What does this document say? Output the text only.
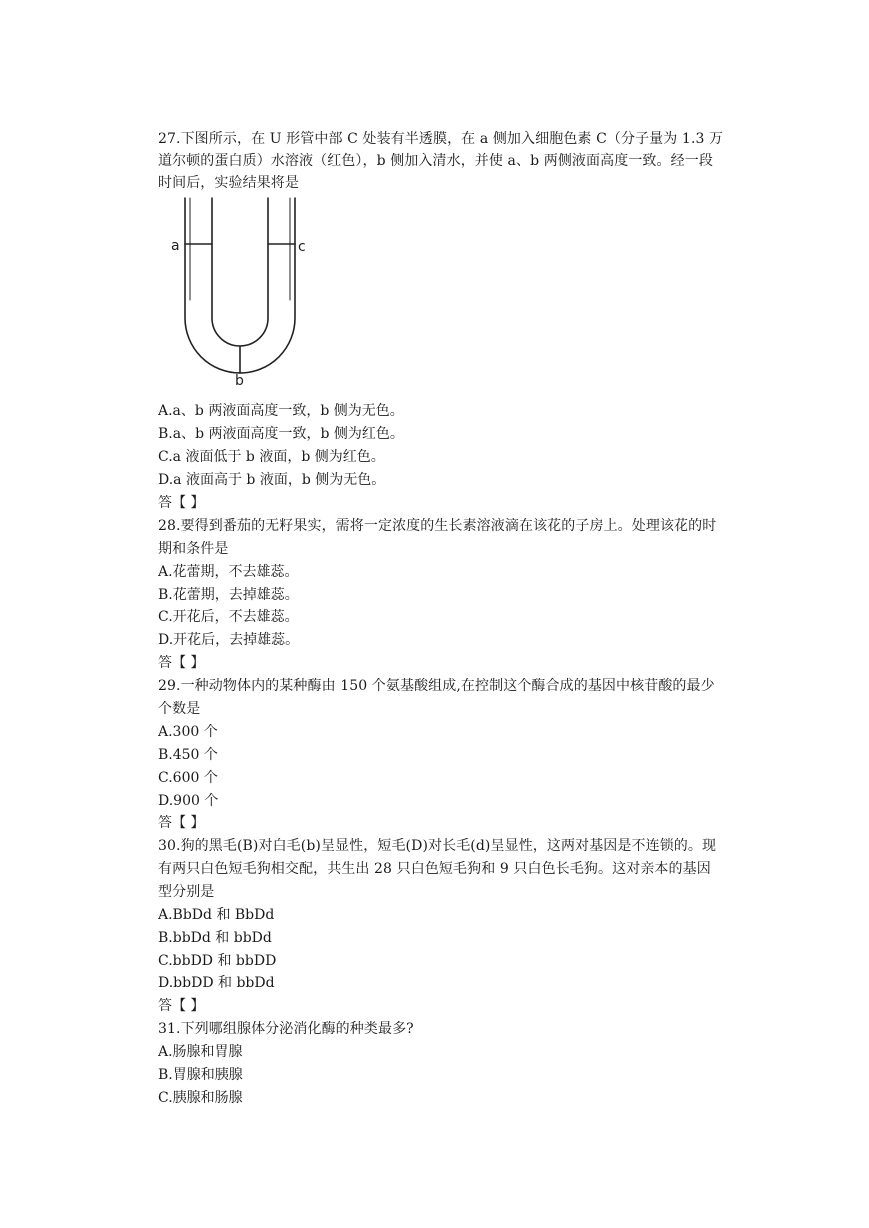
27.下图所示，在 U 形管中部 C 处装有半透膜，在 a 侧加入细胞色素 C（分子量为 1.3 万
道尔顿的蛋白质）水溶液（红色），b 侧加入清水，并使 a、b 两侧液面高度一致。经一段
时间后，实验结果将是
a	c
b
A.a、b 两液面高度一致，b 侧为无色。
B.a、b 两液面高度一致，b 侧为红色。
C.a 液面低于 b 液面，b 侧为红色。
D.a 液面高于 b 液面，b 侧为无色。
答【 】
28.要得到番茄的无籽果实，需将一定浓度的生长素溶液滴在该花的子房上。处理该花的时
期和条件是
A.花蕾期，不去雄蕊。
B.花蕾期，去掉雄蕊。
C.开花后，不去雄蕊。
D.开花后，去掉雄蕊。
答【 】
29.一种动物体内的某种酶由 150 个氨基酸组成,在控制这个酶合成的基因中核苷酸的最少
个数是
A.300 个
B.450 个
C.600 个
D.900 个
答【 】
30.狗的黑毛(B)对白毛(b)呈显性，短毛(D)对长毛(d)呈显性，这两对基因是不连锁的。现
有两只白色短毛狗相交配，共生出 28 只白色短毛狗和 9 只白色长毛狗。这对亲本的基因
型分别是
A.BbDd 和 BbDd
B.bbDd 和 bbDd
C.bbDD 和 bbDD
D.bbDD 和 bbDd
答【 】
31.下列哪组腺体分泌消化酶的种类最多?
A.肠腺和胃腺
B.胃腺和胰腺
C.胰腺和肠腺
